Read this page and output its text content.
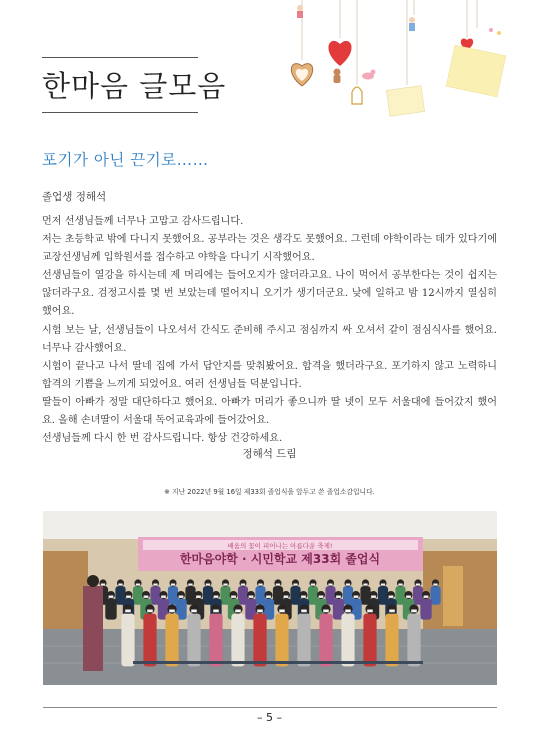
한마음 글모음
포기가 아닌 끈기로……
졸업생 정해석

먼저 선생님들께 너무나 고맙고 감사드립니다.

저는 초등학교 밖에 다니지 못했어요. 공부라는 것은 생각도 못했어요. 그런데 야학이라는 데가 있다기에 교장선생님께 입학원서를 접수하고 야학을 다니기 시작했어요.

선생님들이 열강을 하시는데 제 머리에는 들어오지가 않더라고요. 나이 먹어서 공부한다는 것이 쉽지는 않더라구요. 검정고시를 몇 번 보았는데 떨어지니 오기가 생기더군요. 낮에 일하고 밤 12시까지 열심히 했어요.

시험 보는 날, 선생님들이 나오셔서 간식도 준비해 주시고 점심까지 싸 오셔서 같이 점심식사를 했어요. 너무나 감사했어요.

시험이 끝나고 나서 딸네 집에 가서 답안지를 맞춰봤어요. 합격을 했더라구요. 포기하지 않고 노력하니 합격의 기쁨을 느끼게 되었어요. 여러 선생님들 덕분입니다.

딸들이 아빠가 정말 대단하다고 했어요. 아빠가 머리가 좋으니까 딸 넷이 모두 서울대에 들어갔지 했어요. 올해 손녀딸이 서울대 독어교육과에 들어갔어요.

선생님들께 다시 한 번 감사드립니다. 항상 건강하세요.

정해석 드림
※ 지난 2022년 9월 16일 제33회 졸업식을 앞두고 쓴 졸업소감입니다.
배움의 꽃이 피어나는 아름다운 축제!
한마음야학 · 시민학교 제33회 졸업식
– 5 –
